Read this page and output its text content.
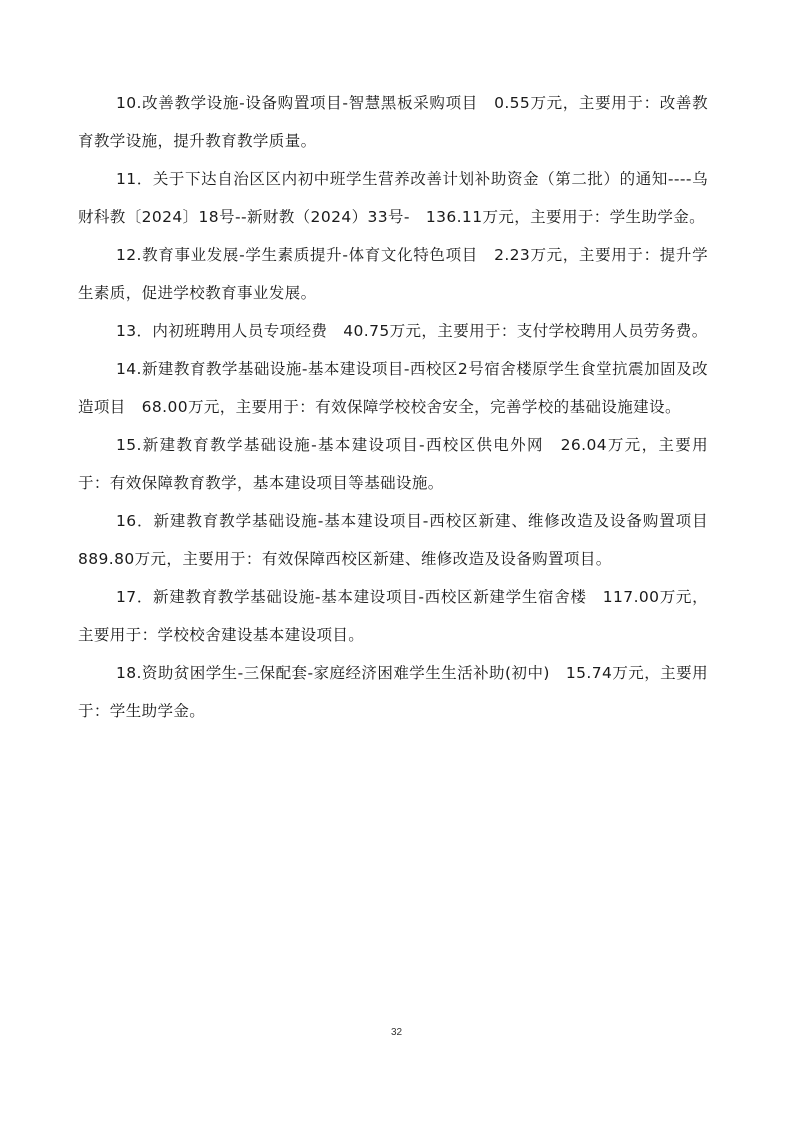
10.改善教学设施-设备购置项目-智慧黑板采购项目　0.55万元，主要用于：改善教育教学设施，提升教育教学质量。

11．关于下达自治区区内初中班学生营养改善计划补助资金（第二批）的通知----乌财科教〔2024〕18号--新财教（2024）33号-　136.11万元，主要用于：学生助学金。

12.教育事业发展-学生素质提升-体育文化特色项目　2.23万元，主要用于：提升学生素质，促进学校教育事业发展。

13．内初班聘用人员专项经费　40.75万元，主要用于：支付学校聘用人员劳务费。

14.新建教育教学基础设施-基本建设项目-西校区2号宿舍楼原学生食堂抗震加固及改造项目　68.00万元，主要用于：有效保障学校校舍安全，完善学校的基础设施建设。

15.新建教育教学基础设施-基本建设项目-西校区供电外网　26.04万元，主要用于：有效保障教育教学，基本建设项目等基础设施。

16．新建教育教学基础设施-基本建设项目-西校区新建、维修改造及设备购置项目　889.80万元，主要用于：有效保障西校区新建、维修改造及设备购置项目。

17．新建教育教学基础设施-基本建设项目-西校区新建学生宿舍楼　117.00万元，主要用于：学校校舍建设基本建设项目。

18.资助贫困学生-三保配套-家庭经济困难学生生活补助(初中)　15.74万元，主要用于：学生助学金。

32
